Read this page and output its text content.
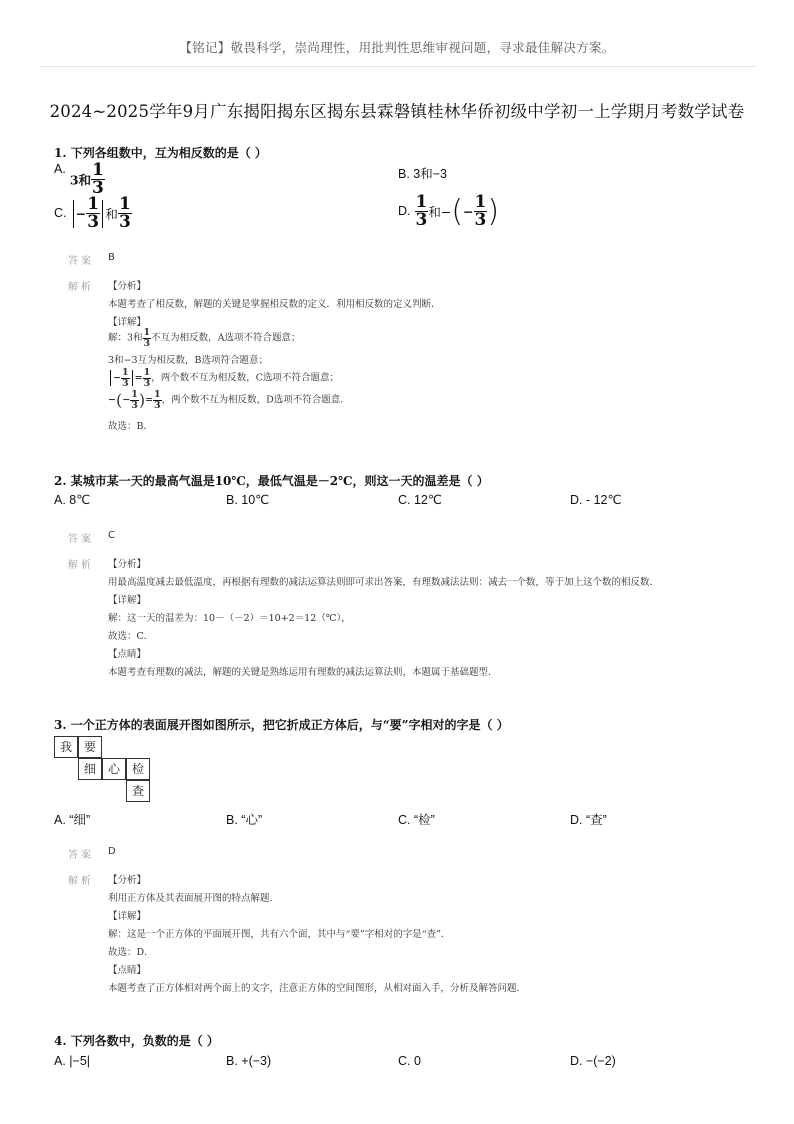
【铭记】敬畏科学，崇尚理性，用批判性思维审视问题，寻求最佳解决方案。
2024~2025学年9月广东揭阳揭东区揭东县霖磐镇桂林华侨初级中学初一上学期月考数学试卷
1. 下列各组数中，互为相反数的是（ ）
A.3和 $\frac{1}{3}$	B. 3和−3
C. − $\frac{1}{3}$ 和 $\frac{1}{3}$	D. $\frac{1}{3}$ 和−(− $\frac{1}{3}$ )
答案 B
解析 【分析】
本题考查了相反数，解题的关键是掌握相反数的定义．利用相反数的定义判断．
【详解】
解：3和 $\frac{1}{3}$ 不互为相反数，A选项不符合题意；
3和−3互为相反数，B选项符合题意；
− $\frac{1}{3} = \frac{1}{3}$ ，两个数不互为相反数，C选项不符合题意；
−(− $\frac{1}{3}$ )= $\frac{1}{3}$ ，两个数不互为相反数，D选项不符合题意．
故选：B．
2. 某城市某一天的最高气温是10℃，最低气温是－2℃，则这一天的温差是（ ）
A. 8℃	B. 10℃	C. 12℃	D. - 12℃
答案 C
解析 【分析】
用最高温度减去最低温度，再根据有理数的减法运算法则即可求出答案，有理数减法法则：减去一个数，等于加上这个数的相反数．
【详解】
解：这一天的温差为：10－（－2）＝10+2＝12（℃），
故选：C．
【点睛】
本题考查有理数的减法，解题的关键是熟练运用有理数的减法运算法则，本题属于基础题型．
3. 一个正方体的表面展开图如图所示，把它折成正方体后，与“要”字相对的字是（ ）
我 要
细 心 检
查
A. “细”	B. “心”	C. “检”	D. “查”
答案 D
解析 【分析】
利用正方体及其表面展开图的特点解题．
【详解】
解：这是一个正方体的平面展开图，共有六个面，其中与“要”字相对的字是“查”．
故选：D．
【点睛】
本题考查了正方体相对两个面上的文字，注意正方体的空间图形，从相对面入手，分析及解答问题．
4. 下列各数中，负数的是（ ）
A. |−5|	B. +(−3)	C. 0	D. −(−2)
